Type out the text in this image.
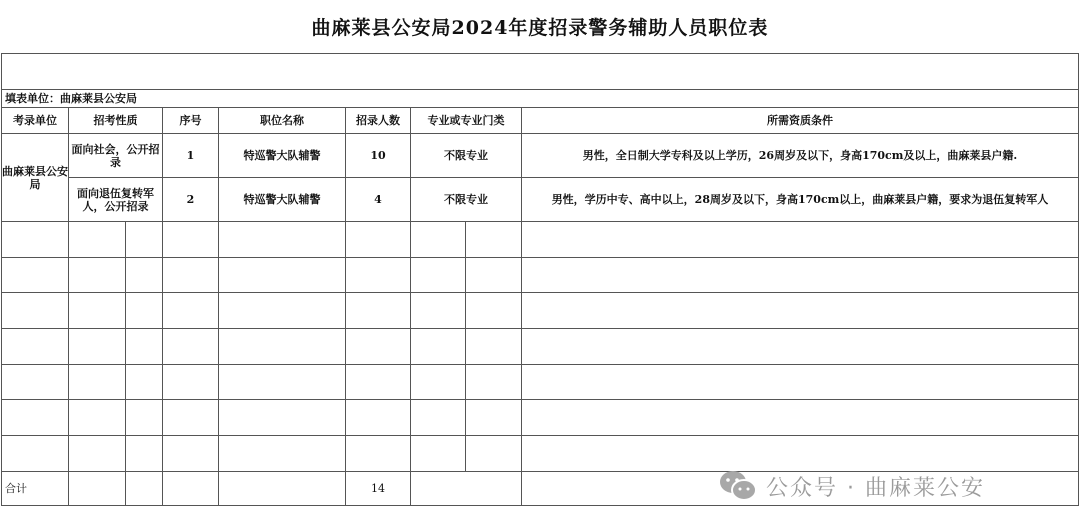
曲麻莱县公安局2024年度招录警务辅助人员职位表

填表单位：曲麻莱县公安局								
考录单位	招考性质		序号	职位名称	招录人数	专业或专业门类		所需资质条件
曲麻莱县公安局	面向社会，公开招录		1	特巡警大队辅警	10	不限专业		男性，全日制大学专科及以上学历，26周岁及以下，身高170cm及以上，曲麻莱县户籍.
	面向退伍复转军人，公开招录		2	特巡警大队辅警	4	不限专业		男性，学历中专、高中以上，28周岁及以下，身高170cm以上，曲麻莱县户籍，要求为退伍复转军人

合计					14				公众号 · 曲麻莱公安
